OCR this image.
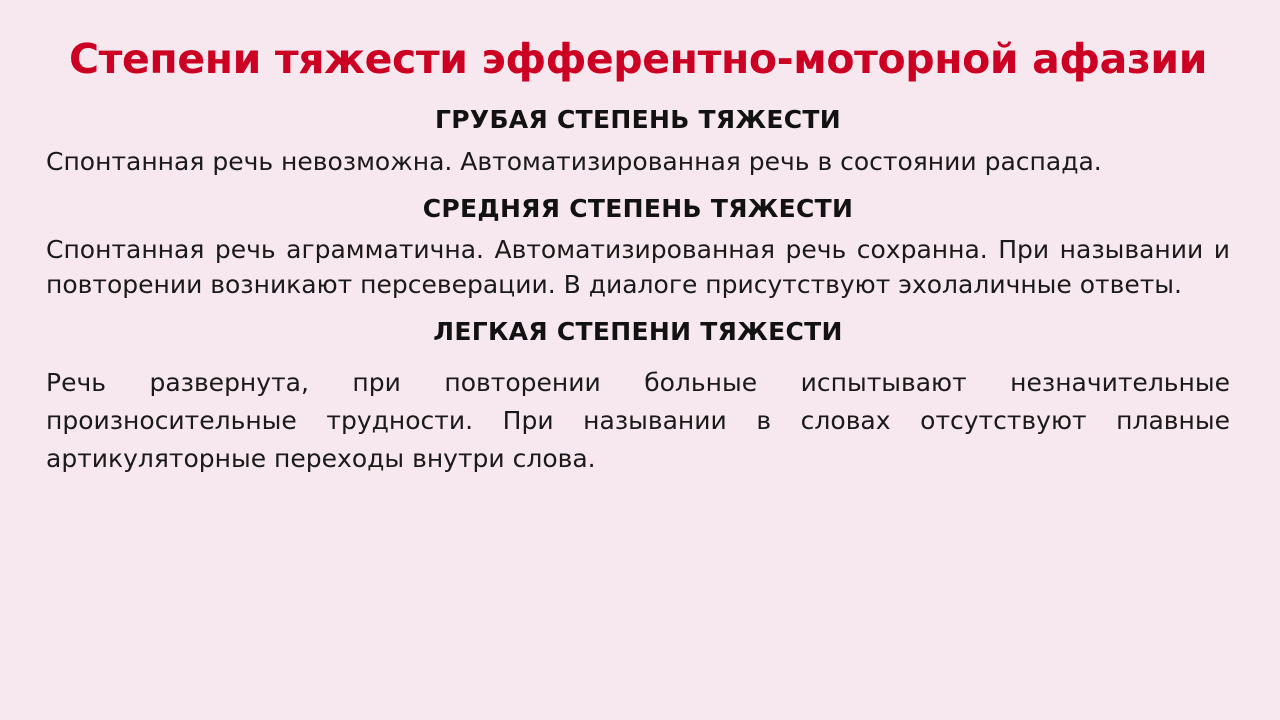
Степени тяжести эфферентно-моторной афазии
ГРУБАЯ СТЕПЕНЬ ТЯЖЕСТИ

Спонтанная речь невозможна. Автоматизированная речь в состоянии распада.

СРЕДНЯЯ СТЕПЕНЬ ТЯЖЕСТИ

Спонтанная речь аграмматична. Автоматизированная речь сохранна. При назывании и повторении возникают персеверации. В диалоге присутствуют эхолаличные ответы.

ЛЕГКАЯ СТЕПЕНИ ТЯЖЕСТИ

Речь развернута, при повторении больные испытывают незначительные произносительные трудности. При назывании в словах отсутствуют плавные артикуляторные переходы внутри слова.
